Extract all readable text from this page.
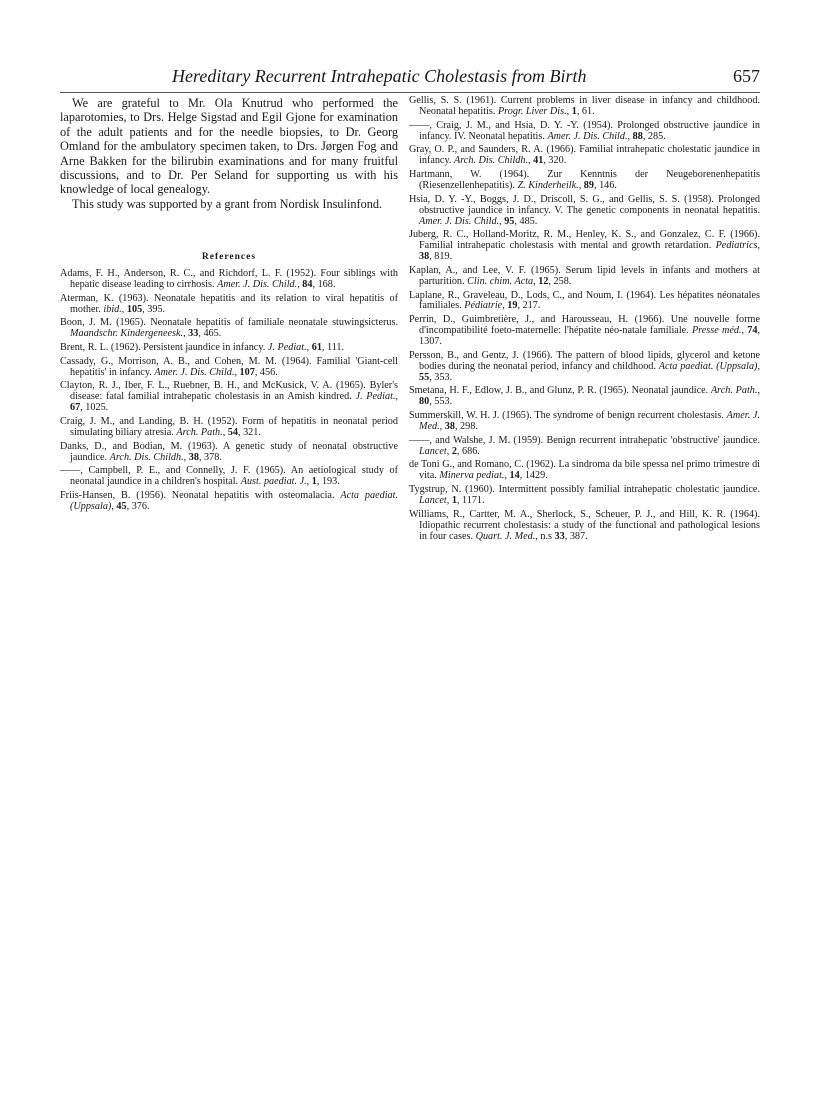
Hereditary Recurrent Intrahepatic Cholestasis from Birth	657

We are grateful to Mr. Ola Knutrud who performed the laparotomies, to Drs. Helge Sigstad and Egil Gjone for examination of the adult patients and for the needle biopsies, to Dr. Georg Omland for the ambulatory specimen taken, to Drs. Jørgen Fog and Arne Bakken for the bilirubin examinations and for many fruitful discussions, and to Dr. Per Seland for supporting us with his knowledge of local genealogy.

This study was supported by a grant from Nordisk Insulinfond.

References
Adams, F. H., Anderson, R. C., and Richdorf, L. F. (1952). Four siblings with hepatic disease leading to cirrhosis. Amer. J. Dis. Child., 84, 168.
Aterman, K. (1963). Neonatale hepatitis and its relation to viral hepatitis of mother. ibid., 105, 395.
Boon, J. M. (1965). Neonatale hepatitis of familiale neonatale stuwingsicterus. Maandschr. Kindergeneesk., 33, 465.
Brent, R. L. (1962). Persistent jaundice in infancy. J. Pediat., 61, 111.
Cassady, G., Morrison, A. B., and Cohen, M. M. (1964). Familial 'Giant-cell hepatitis' in infancy. Amer. J. Dis. Child., 107, 456.
Clayton, R. J., Iber, F. L., Ruebner, B. H., and McKusick, V. A. (1965). Byler's disease: fatal familial intrahepatic cholestasis in an Amish kindred. J. Pediat., 67, 1025.
Craig, J. M., and Landing, B. H. (1952). Form of hepatitis in neonatal period simulating biliary atresia. Arch. Path., 54, 321.
Danks, D., and Bodian, M. (1963). A genetic study of neonatal obstructive jaundice. Arch. Dis. Childh., 38, 378.
——, Campbell, P. E., and Connelly, J. F. (1965). An aetiological study of neonatal jaundice in a children's hospital. Aust. paediat. J., 1, 193.
Friis-Hansen, B. (1956). Neonatal hepatitis with osteomalacia. Acta paediat. (Uppsala), 45, 376.
Gellis, S. S. (1961). Current problems in liver disease in infancy and childhood. Neonatal hepatitis. Progr. Liver Dis., 1, 61.
——, Craig, J. M., and Hsia, D. Y. -Y. (1954). Prolonged obstructive jaundice in infancy. IV. Neonatal hepatitis. Amer. J. Dis. Child., 88, 285.
Gray, O. P., and Saunders, R. A. (1966). Familial intrahepatic cholestatic jaundice in infancy. Arch. Dis. Childh., 41, 320.
Hartmann, W. (1964). Zur Kenntnis der Neugeborenenhepatitis (Riesenzellenhepatitis). Z. Kinderheilk., 89, 146.
Hsia, D. Y. -Y., Boggs, J. D., Driscoll, S. G., and Gellis, S. S. (1958). Prolonged obstructive jaundice in infancy. V. The genetic components in neonatal hepatitis. Amer. J. Dis. Child., 95, 485.
Juberg, R. C., Holland-Moritz, R. M., Henley, K. S., and Gonzalez, C. F. (1966). Familial intrahepatic cholestasis with mental and growth retardation. Pediatrics, 38, 819.
Kaplan, A., and Lee, V. F. (1965). Serum lipid levels in infants and mothers at parturition. Clin. chim. Acta, 12, 258.
Laplane, R., Graveleau, D., Lods, C., and Noum, I. (1964). Les hépatites néonatales familiales. Pédiatrie, 19, 217.
Perrin, D., Guimbretière, J., and Harousseau, H. (1966). Une nouvelle forme d'incompatibilité foeto-maternelle: l'hépatite néo-natale familiale. Presse méd., 74, 1307.
Persson, B., and Gentz, J. (1966). The pattern of blood lipids, glycerol and ketone bodies during the neonatal period, infancy and childhood. Acta paediat. (Uppsala), 55, 353.
Smetana, H. F., Edlow, J. B., and Glunz, P. R. (1965). Neonatal jaundice. Arch. Path., 80, 553.
Summerskill, W. H. J. (1965). The syndrome of benign recurrent cholestasis. Amer. J. Med., 38, 298.
——, and Walshe, J. M. (1959). Benign recurrent intrahepatic 'obstructive' jaundice. Lancet, 2, 686.
de Toni G., and Romano, C. (1962). La sindroma da bile spessa nel primo trimestre di vita. Minerva pediat., 14, 1429.
Tygstrup, N. (1960). Intermittent possibly familial intrahepatic cholestatic jaundice. Lancet, 1, 1171.
Williams, R., Cartter, M. A., Sherlock, S., Scheuer, P. J., and Hill, K. R. (1964). Idiopathic recurrent cholestasis: a study of the functional and pathological lesions in four cases. Quart. J. Med., n.s 33, 387.
